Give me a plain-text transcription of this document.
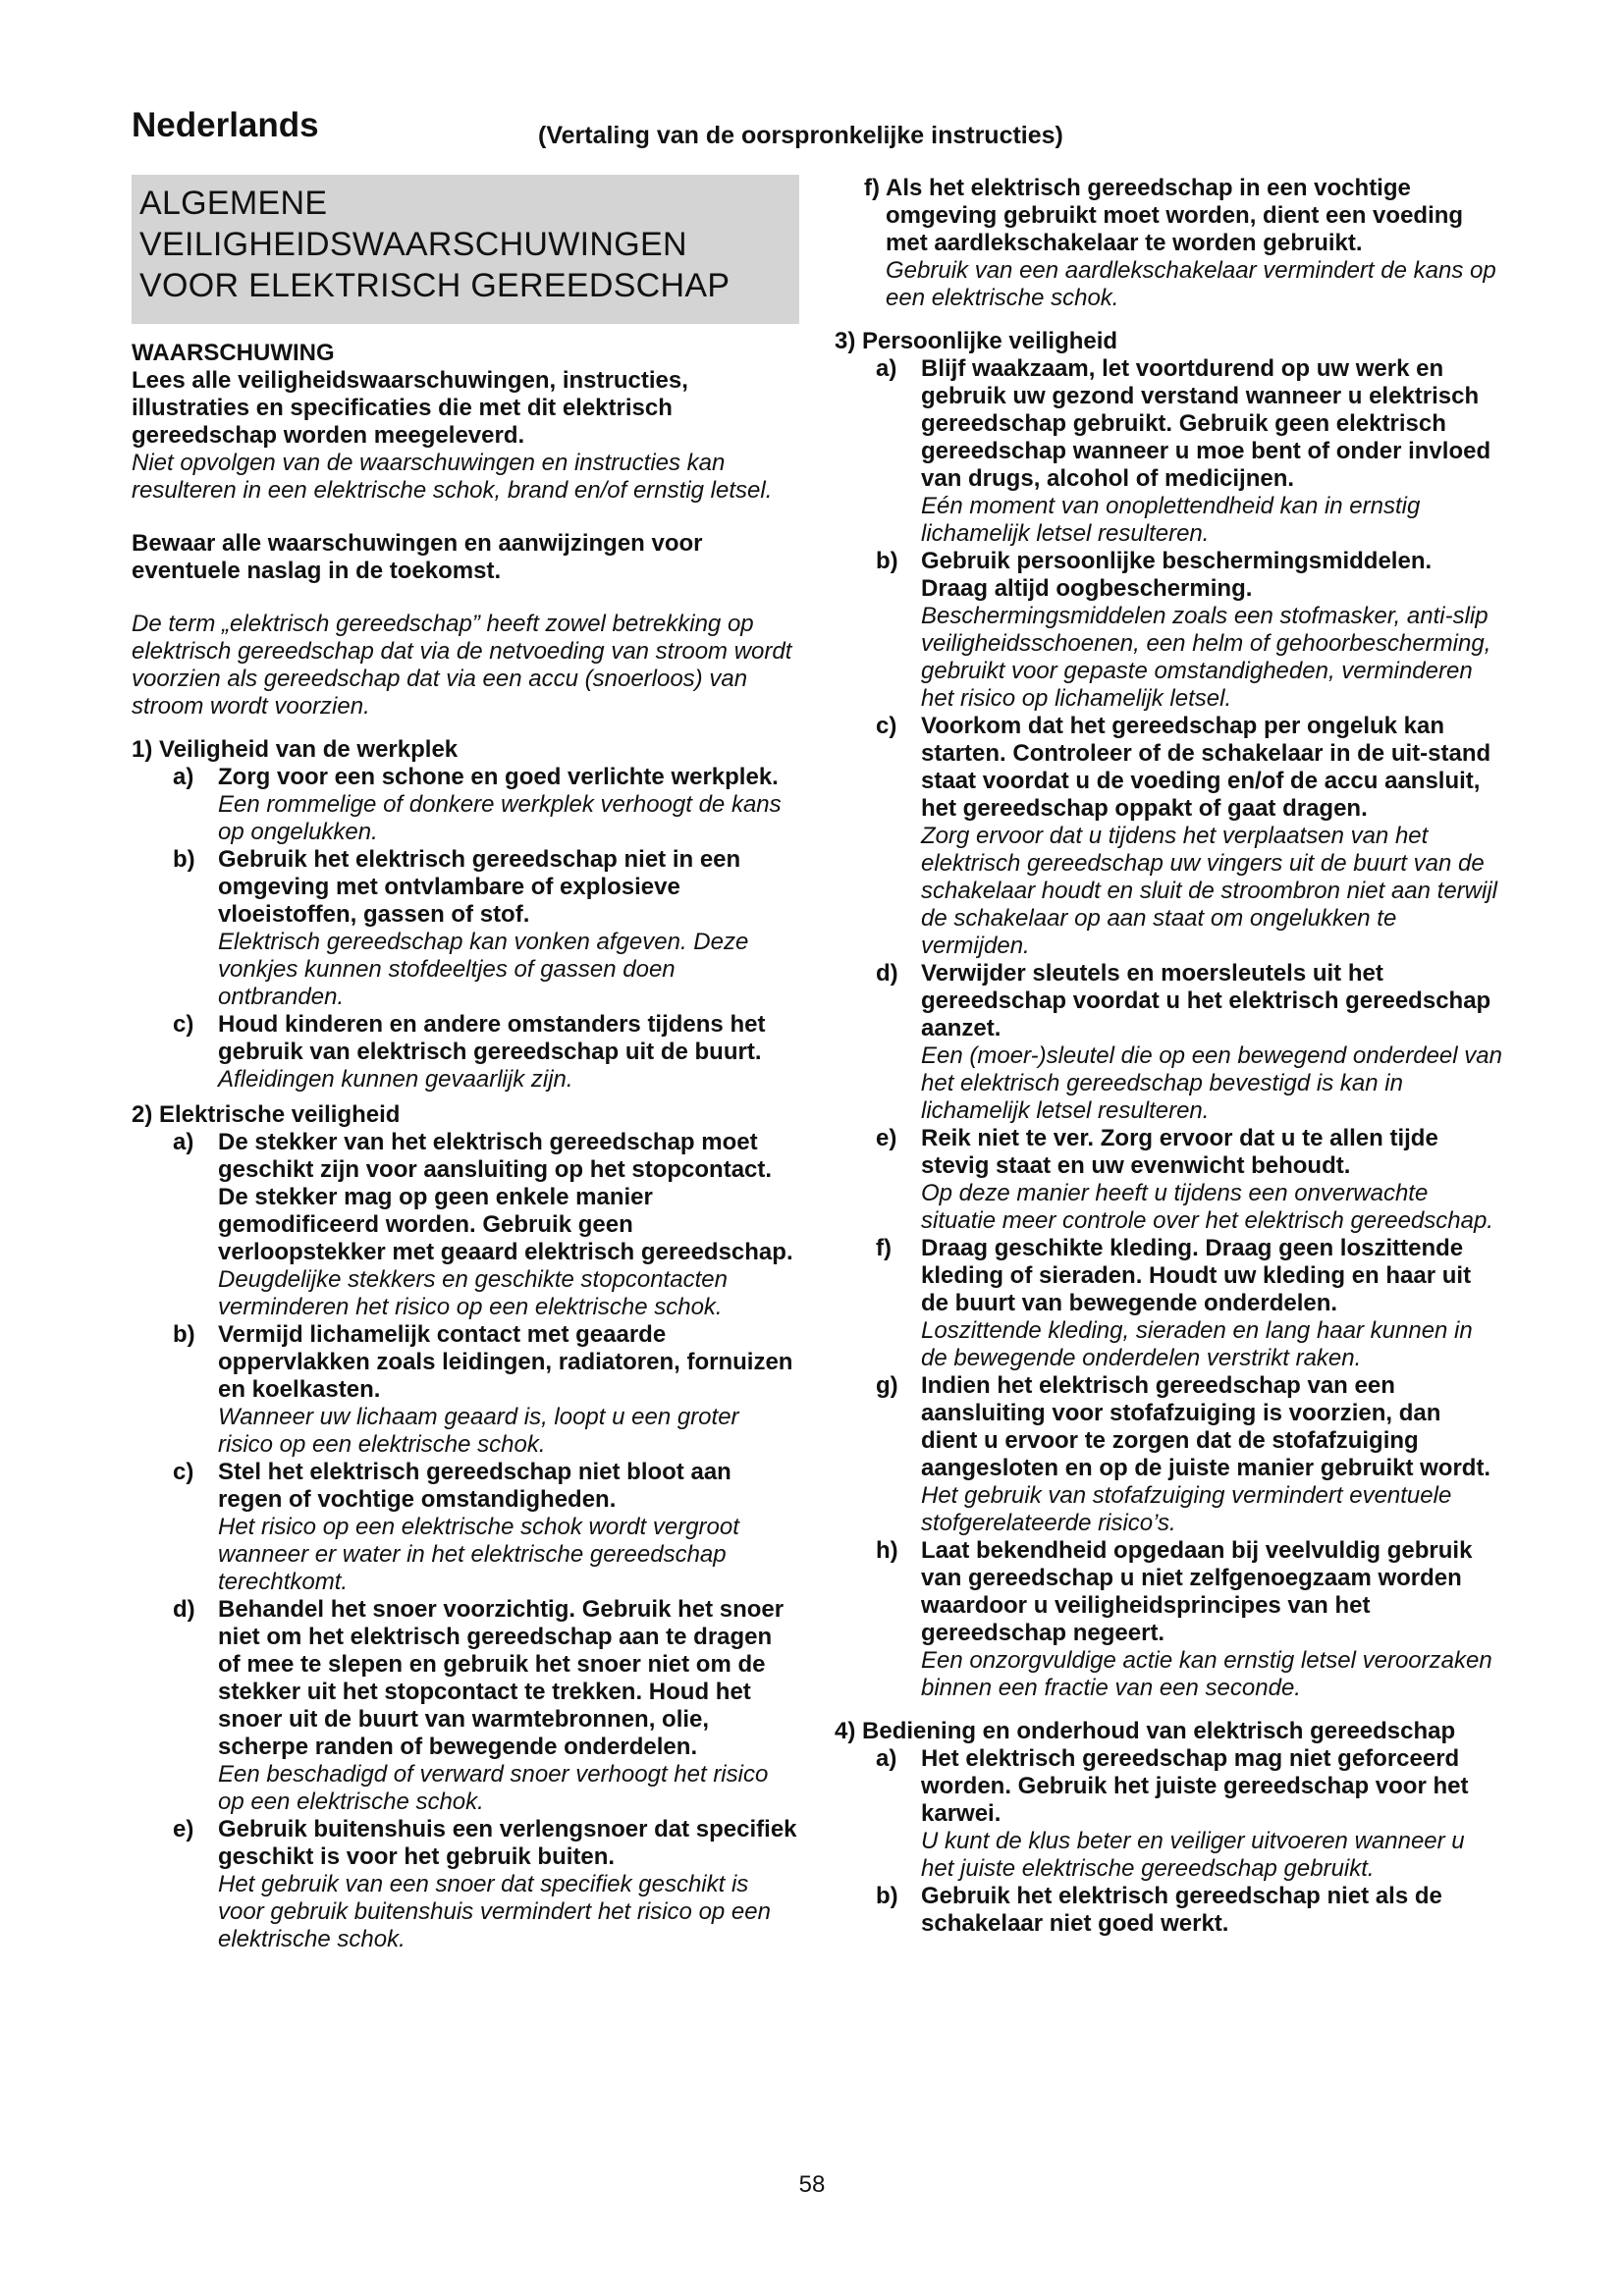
Nederlands	(Vertaling van de oorspronkelijke instructies)
ALGEMENE
VEILIGHEIDSWAARSCHUWINGEN
VOOR ELEKTRISCH GEREEDSCHAP

WAARSCHUWING

Lees alle veiligheidswaarschuwingen, instructies, illustraties en specificaties die met dit elektrisch gereedschap worden meegeleverd.

Niet opvolgen van de waarschuwingen en instructies kan resulteren in een elektrische schok, brand en/of ernstig letsel.

Bewaar alle waarschuwingen en aanwijzingen voor eventuele naslag in de toekomst.

De term „elektrisch gereedschap” heeft zowel betrekking op elektrisch gereedschap dat via de netvoeding van stroom wordt voorzien als gereedschap dat via een accu (snoerloos) van stroom wordt voorzien.

1) Veiligheid van de werkplek

a) Zorg voor een schone en goed verlichte werkplek.

Een rommelige of donkere werkplek verhoogt de kans op ongelukken.

b) Gebruik het elektrisch gereedschap niet in een omgeving met ontvlambare of explosieve vloeistoffen, gassen of stof.

Elektrisch gereedschap kan vonken afgeven. Deze vonkjes kunnen stofdeeltjes of gassen doen ontbranden.

c) Houd kinderen en andere omstanders tijdens het gebruik van elektrisch gereedschap uit de buurt.

Afleidingen kunnen gevaarlijk zijn.

2) Elektrische veiligheid

a) De stekker van het elektrisch gereedschap moet geschikt zijn voor aansluiting op het stopcontact. De stekker mag op geen enkele manier gemodificeerd worden. Gebruik geen verloopstekker met geaard elektrisch gereedschap.

Deugdelijke stekkers en geschikte stopcontacten verminderen het risico op een elektrische schok.

b) Vermijd lichamelijk contact met geaarde oppervlakken zoals leidingen, radiatoren, fornuizen en koelkasten.

Wanneer uw lichaam geaard is, loopt u een groter risico op een elektrische schok.

c) Stel het elektrisch gereedschap niet bloot aan regen of vochtige omstandigheden.

Het risico op een elektrische schok wordt vergroot wanneer er water in het elektrische gereedschap terechtkomt.

d) Behandel het snoer voorzichtig. Gebruik het snoer niet om het elektrisch gereedschap aan te dragen of mee te slepen en gebruik het snoer niet om de stekker uit het stopcontact te trekken. Houd het snoer uit de buurt van warmtebronnen, olie, scherpe randen of bewegende onderdelen.

Een beschadigd of verward snoer verhoogt het risico op een elektrische schok.

e) Gebruik buitenshuis een verlengsnoer dat specifiek geschikt is voor het gebruik buiten.

Het gebruik van een snoer dat specifiek geschikt is voor gebruik buitenshuis vermindert het risico op een elektrische schok.

f) Als het elektrisch gereedschap in een vochtige omgeving gebruikt moet worden, dient een voeding met aardlekschakelaar te worden gebruikt.

Gebruik van een aardlekschakelaar vermindert de kans op een elektrische schok.

3) Persoonlijke veiligheid

a) Blijf waakzaam, let voortdurend op uw werk en gebruik uw gezond verstand wanneer u elektrisch gereedschap gebruikt. Gebruik geen elektrisch gereedschap wanneer u moe bent of onder invloed van drugs, alcohol of medicijnen.

Eén moment van onoplettendheid kan in ernstig lichamelijk letsel resulteren.

b) Gebruik persoonlijke beschermingsmiddelen. Draag altijd oogbescherming.

Beschermingsmiddelen zoals een stofmasker, anti-slip veiligheidsschoenen, een helm of gehoorbescherming, gebruikt voor gepaste omstandigheden, verminderen het risico op lichamelijk letsel.

c) Voorkom dat het gereedschap per ongeluk kan starten. Controleer of de schakelaar in de uit-stand staat voordat u de voeding en/of de accu aansluit, het gereedschap oppakt of gaat dragen.

Zorg ervoor dat u tijdens het verplaatsen van het elektrisch gereedschap uw vingers uit de buurt van de schakelaar houdt en sluit de stroombron niet aan terwijl de schakelaar op aan staat om ongelukken te vermijden.

d) Verwijder sleutels en moersleutels uit het gereedschap voordat u het elektrisch gereedschap aanzet.

Een (moer-)sleutel die op een bewegend onderdeel van het elektrisch gereedschap bevestigd is kan in lichamelijk letsel resulteren.

e) Reik niet te ver. Zorg ervoor dat u te allen tijde stevig staat en uw evenwicht behoudt.

Op deze manier heeft u tijdens een onverwachte situatie meer controle over het elektrisch gereedschap.

f) Draag geschikte kleding. Draag geen loszittende kleding of sieraden. Houdt uw kleding en haar uit de buurt van bewegende onderdelen.

Loszittende kleding, sieraden en lang haar kunnen in de bewegende onderdelen verstrikt raken.

g) Indien het elektrisch gereedschap van een aansluiting voor stofafzuiging is voorzien, dan dient u ervoor te zorgen dat de stofafzuiging aangesloten en op de juiste manier gebruikt wordt.

Het gebruik van stofafzuiging vermindert eventuele stofgerelateerde risico’s.

h) Laat bekendheid opgedaan bij veelvuldig gebruik van gereedschap u niet zelfgenoegzaam worden waardoor u veiligheidsprincipes van het gereedschap negeert.

Een onzorgvuldige actie kan ernstig letsel veroorzaken binnen een fractie van een seconde.

4) Bediening en onderhoud van elektrisch gereedschap

a) Het elektrisch gereedschap mag niet geforceerd worden. Gebruik het juiste gereedschap voor het karwei.

U kunt de klus beter en veiliger uitvoeren wanneer u het juiste elektrische gereedschap gebruikt.

b) Gebruik het elektrisch gereedschap niet als de schakelaar niet goed werkt.

58
